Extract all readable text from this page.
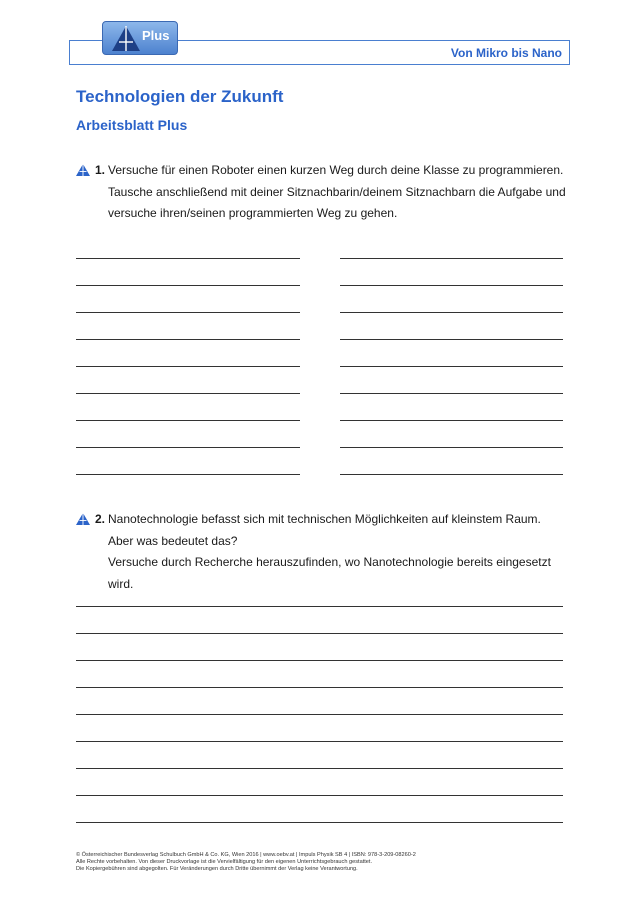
Von Mikro bis Nano
Plus
Technologien der Zukunft
Arbeitsblatt Plus
1. Versuche für einen Roboter einen kurzen Weg durch deine Klasse zu programmieren.
Tausche anschließend mit deiner Sitznachbarin/deinem Sitznachbarn die Aufgabe und
versuche ihren/seinen programmierten Weg zu gehen.
2. Nanotechnologie befasst sich mit technischen Möglichkeiten auf kleinstem Raum.
Aber was bedeutet das?
Versuche durch Recherche herauszufinden, wo Nanotechnologie bereits eingesetzt
wird.
© Österreichischer Bundesverlag Schulbuch GmbH & Co. KG, Wien 2016 | www.oebv.at | Impuls Physik SB 4 | ISBN: 978-3-209-08260-2
Alle Rechte vorbehalten. Von dieser Druckvorlage ist die Vervielfältigung für den eigenen Unterrichtsgebrauch gestattet.
Die Kopiergebühren sind abgegolten. Für Veränderungen durch Dritte übernimmt der Verlag keine Verantwortung.
